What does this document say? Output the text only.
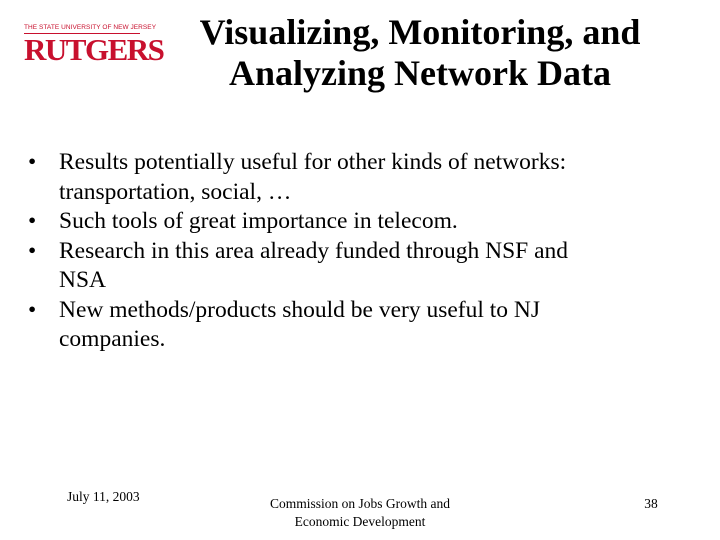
THE STATE UNIVERSITY OF NEW JERSEY
RUTGERS	Visualizing, Monitoring, and
Analyzing Network Data
• Results potentially useful for other kinds of networks:
transportation, social, …
• Such tools of great importance in telecom.
• Research in this area already funded through NSF and
NSA
• New methods/products should be very useful to NJ
companies.
July 11, 2003	Commission on Jobs Growth and
Economic Development
38
